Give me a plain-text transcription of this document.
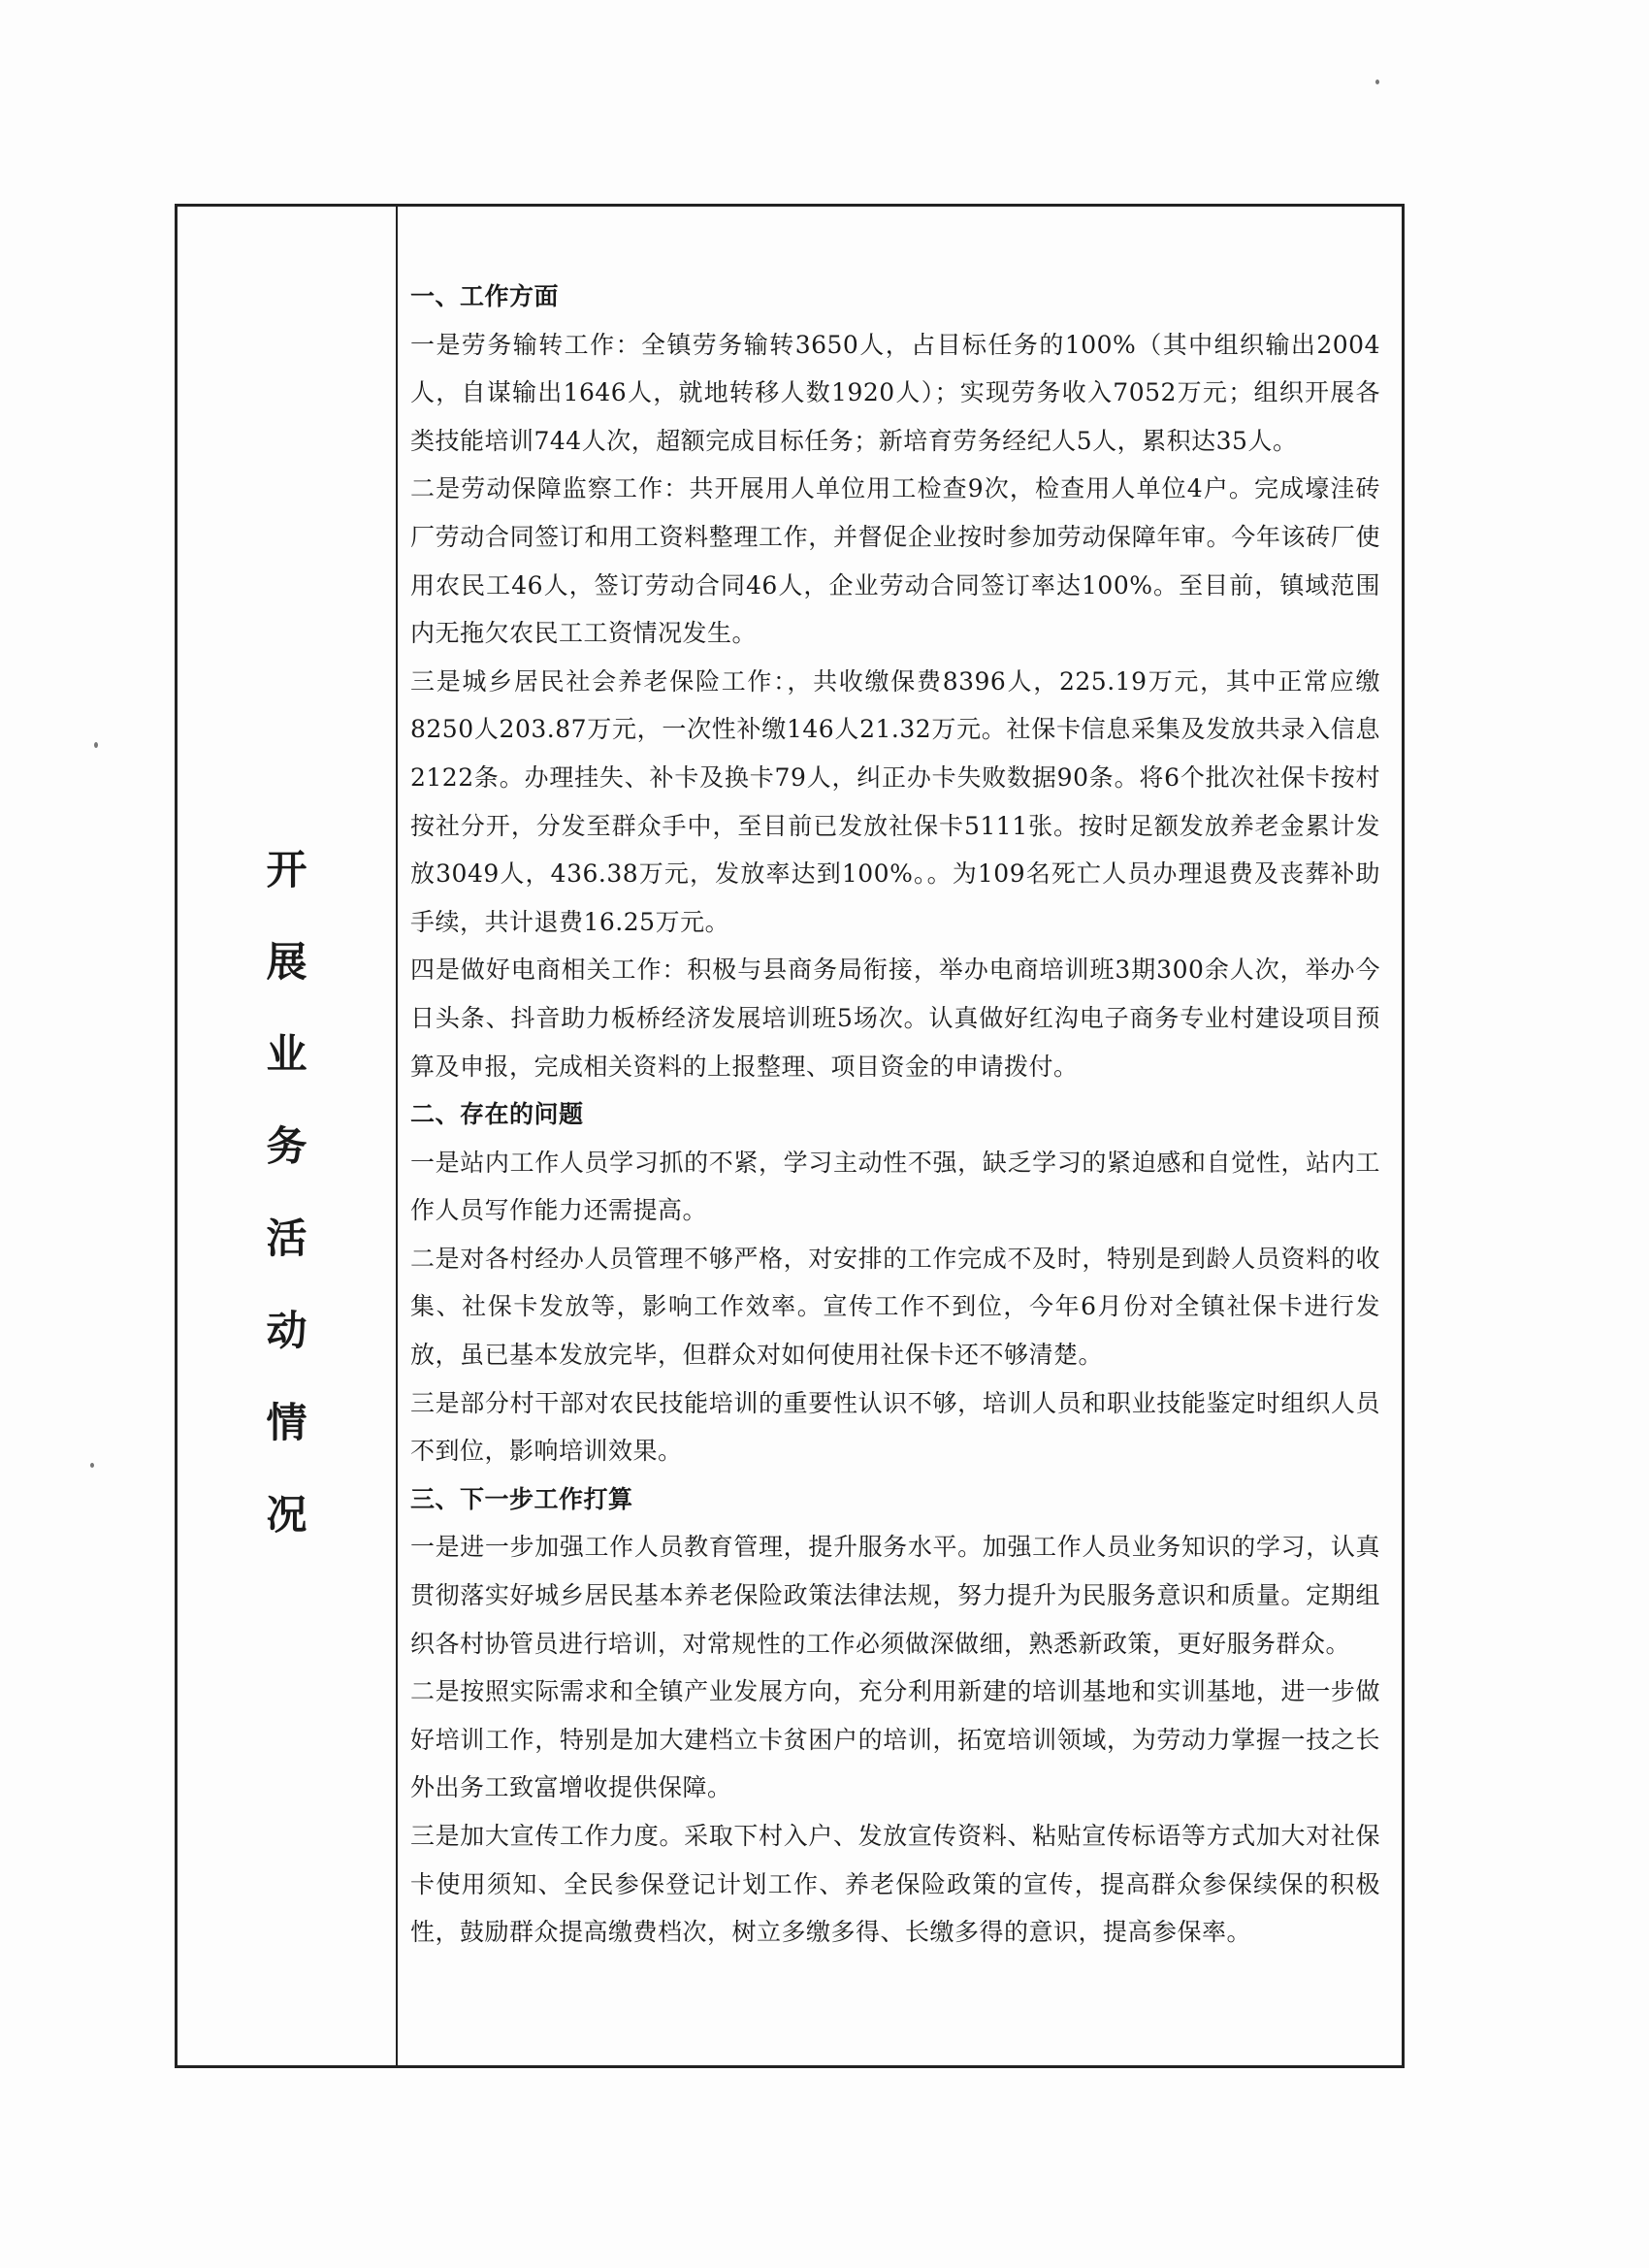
开
展
业
务
活
动
情
况
一、工作方面

一是劳务输转工作：全镇劳务输转3650人，占目标任务的100%（其中组织输出2004人，自谋输出1646人，就地转移人数1920人）；实现劳务收入7052万元；组织开展各类技能培训744人次，超额完成目标任务；新培育劳务经纪人5人，累积达35人。

二是劳动保障监察工作：共开展用人单位用工检查9次，检查用人单位4户。完成壕洼砖厂劳动合同签订和用工资料整理工作，并督促企业按时参加劳动保障年审。今年该砖厂使用农民工46人，签订劳动合同46人，企业劳动合同签订率达100%。至目前，镇域范围内无拖欠农民工工资情况发生。

三是城乡居民社会养老保险工作：，共收缴保费8396人，225.19万元，其中正常应缴8250人203.87万元，一次性补缴146人21.32万元。社保卡信息采集及发放共录入信息2122条。办理挂失、补卡及换卡79人，纠正办卡失败数据90条。将6个批次社保卡按村按社分开，分发至群众手中，至目前已发放社保卡5111张。按时足额发放养老金累计发放3049人，436.38万元，发放率达到100%。。为109名死亡人员办理退费及丧葬补助手续，共计退费16.25万元。

四是做好电商相关工作：积极与县商务局衔接，举办电商培训班3期300余人次，举办今日头条、抖音助力板桥经济发展培训班5场次。认真做好红沟电子商务专业村建设项目预算及申报，完成相关资料的上报整理、项目资金的申请拨付。

二、存在的问题

一是站内工作人员学习抓的不紧，学习主动性不强，缺乏学习的紧迫感和自觉性，站内工作人员写作能力还需提高。

二是对各村经办人员管理不够严格，对安排的工作完成不及时，特别是到龄人员资料的收集、社保卡发放等，影响工作效率。宣传工作不到位，今年6月份对全镇社保卡进行发放，虽已基本发放完毕，但群众对如何使用社保卡还不够清楚。

三是部分村干部对农民技能培训的重要性认识不够，培训人员和职业技能鉴定时组织人员不到位，影响培训效果。

三、下一步工作打算

一是进一步加强工作人员教育管理，提升服务水平。加强工作人员业务知识的学习，认真贯彻落实好城乡居民基本养老保险政策法律法规，努力提升为民服务意识和质量。定期组织各村协管员进行培训，对常规性的工作必须做深做细，熟悉新政策，更好服务群众。

二是按照实际需求和全镇产业发展方向，充分利用新建的培训基地和实训基地，进一步做好培训工作，特别是加大建档立卡贫困户的培训，拓宽培训领域，为劳动力掌握一技之长外出务工致富增收提供保障。

三是加大宣传工作力度。采取下村入户、发放宣传资料、粘贴宣传标语等方式加大对社保卡使用须知、全民参保登记计划工作、养老保险政策的宣传，提高群众参保续保的积极性，鼓励群众提高缴费档次，树立多缴多得、长缴多得的意识，提高参保率。
